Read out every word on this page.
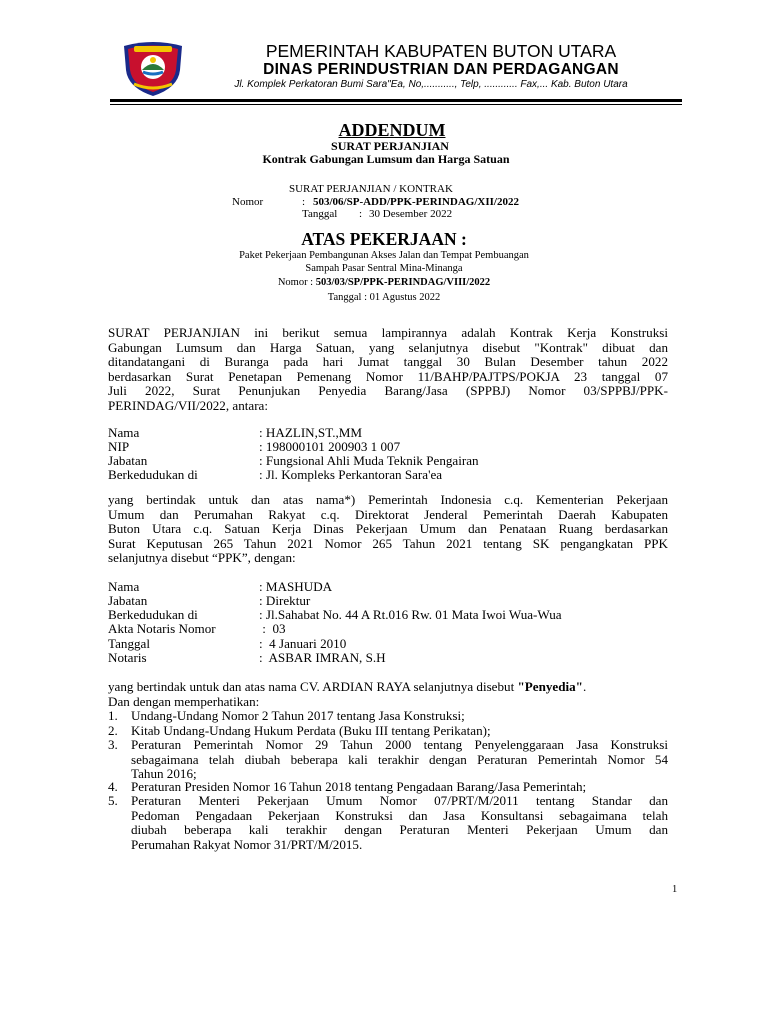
PEMERINTAH KABUPATEN BUTON UTARA
DINAS PERINDUSTRIAN DAN PERDAGANGAN
Jl. Komplek Perkatoran Bumi Sara"Ea, No,..........., Telp, ............ Fax,... Kab. Buton Utara
ADDENDUM
SURAT PERJANJIAN
Kontrak Gabungan Lumsum dan Harga Satuan
SURAT PERJANJIAN / KONTRAK
Nomor	: 503/06/SP-ADD/PPK-PERINDAG/XII/2022
Tanggal : 30 Desember 2022
ATAS PEKERJAAN :
Paket Pekerjaan Pembangunan Akses Jalan dan Tempat Pembuangan
Sampah Pasar Sentral Mina-Minanga
Nomor : 503/03/SP/PPK-PERINDAG/VIII/2022
Tanggal : 01 Agustus 2022
SURAT PERJANJIAN ini berikut semua lampirannya adalah Kontrak Kerja Konstruksi
Gabungan Lumsum dan Harga Satuan, yang selanjutnya disebut "Kontrak" dibuat dan
ditandatangani di Buranga pada hari Jumat tanggal 30 Bulan Desember tahun 2022
berdasarkan Surat Penetapan Pemenang Nomor 11/BAHP/PAJTPS/POKJA 23 tanggal 07
Juli 2022, Surat Penunjukan Penyedia Barang/Jasa (SPPBJ) Nomor 03/SPPBJ/PPK-
PERINDAG/VII/2022, antara:
Nama	: HAZLIN,ST.,MM
NIP	: 198000101 200903 1 007
Jabatan	: Fungsional Ahli Muda Teknik Pengairan
Berkedudukan di	: Jl. Kompleks Perkantoran Sara'ea
yang bertindak untuk dan atas nama*) Pemerintah Indonesia c.q. Kementerian Pekerjaan
Umum dan Perumahan Rakyat c.q. Direktorat Jenderal Pemerintah Daerah Kabupaten
Buton Utara c.q. Satuan Kerja Dinas Pekerjaan Umum dan Penataan Ruang berdasarkan
Surat Keputusan 265 Tahun 2021 Nomor 265 Tahun 2021 tentang SK pengangkatan PPK
selanjutnya disebut “PPK”, dengan:
Nama	: MASHUDA
Jabatan	: Direktur
Berkedudukan di	: Jl.Sahabat No. 44 A Rt.016 Rw. 01 Mata Iwoi Wua-Wua
Akta Notaris Nomor	:  03
Tanggal	:  4 Januari 2010
Notaris	:  ASBAR IMRAN, S.H
yang bertindak untuk dan atas nama CV. ARDIAN RAYA selanjutnya disebut "Penyedia".
Dan dengan memperhatikan:
1. Undang-Undang Nomor 2 Tahun 2017 tentang Jasa Konstruksi;
2. Kitab Undang-Undang Hukum Perdata (Buku III tentang Perikatan);
3. Peraturan Pemerintah Nomor 29 Tahun 2000 tentang Penyelenggaraan Jasa Konstruksi
sebagaimana telah diubah beberapa kali terakhir dengan Peraturan Pemerintah Nomor 54
Tahun 2016;
4. Peraturan Presiden Nomor 16 Tahun 2018 tentang Pengadaan Barang/Jasa Pemerintah;
5. Peraturan Menteri Pekerjaan Umum Nomor 07/PRT/M/2011 tentang Standar dan
Pedoman Pengadaan Pekerjaan Konstruksi dan Jasa Konsultansi sebagaimana telah
diubah beberapa kali terakhir dengan Peraturan Menteri Pekerjaan Umum dan
Perumahan Rakyat Nomor 31/PRT/M/2015.
1
